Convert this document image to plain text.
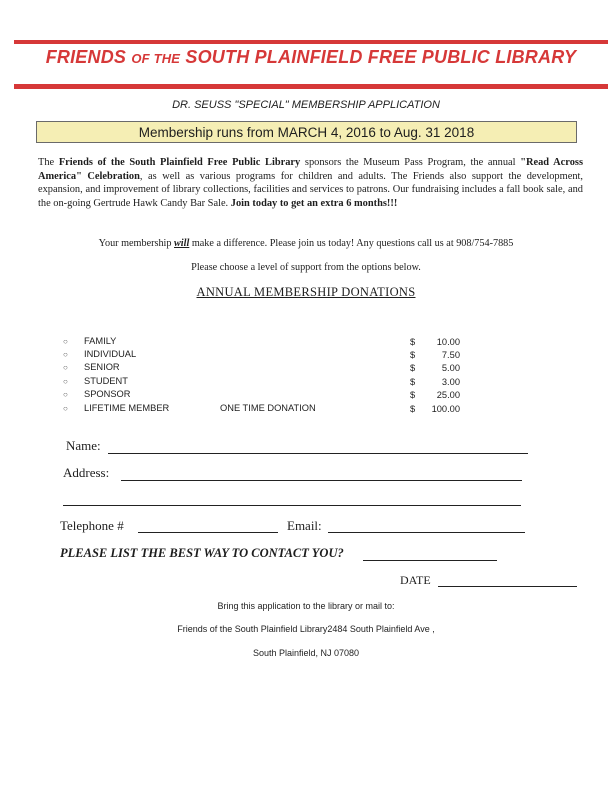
FRIENDS OF THE SOUTH PLAINFIELD FREE PUBLIC LIBRARY
DR. SEUSS "SPECIAL" MEMBERSHIP APPLICATION
Membership runs from MARCH 4, 2016 to Aug. 31 2018
The Friends of the South Plainfield Free Public Library sponsors the Museum Pass Program, the annual "Read Across America" Celebration, as well as various programs for children and adults. The Friends also support the development, expansion, and improvement of library collections, facilities and services to patrons. Our fundraising includes a fall book sale, and the on-going Gertrude Hawk Candy Bar Sale. Join today to get an extra 6 months!!!
Your membership will make a difference. Please join us today! Any questions call us at 908/754-7885
Please choose a level of support from the options below.
ANNUAL MEMBERSHIP DONATIONS
○ FAMILY	$ 10.00
○ INDIVIDUAL	$	7.50
○ SENIOR	$	5.00
○ STUDENT	$	3.00
○ SPONSOR	$ 25.00
○ LIFETIME MEMBER	ONE TIME DONATION	$ 100.00
Name:
Address:
Telephone #	Email:
PLEASE LIST THE BEST WAY TO CONTACT YOU?
DATE
Bring this application to the library or mail to:
Friends of the South Plainfield Library2484 South Plainfield Ave ,
South Plainfield, NJ 07080
